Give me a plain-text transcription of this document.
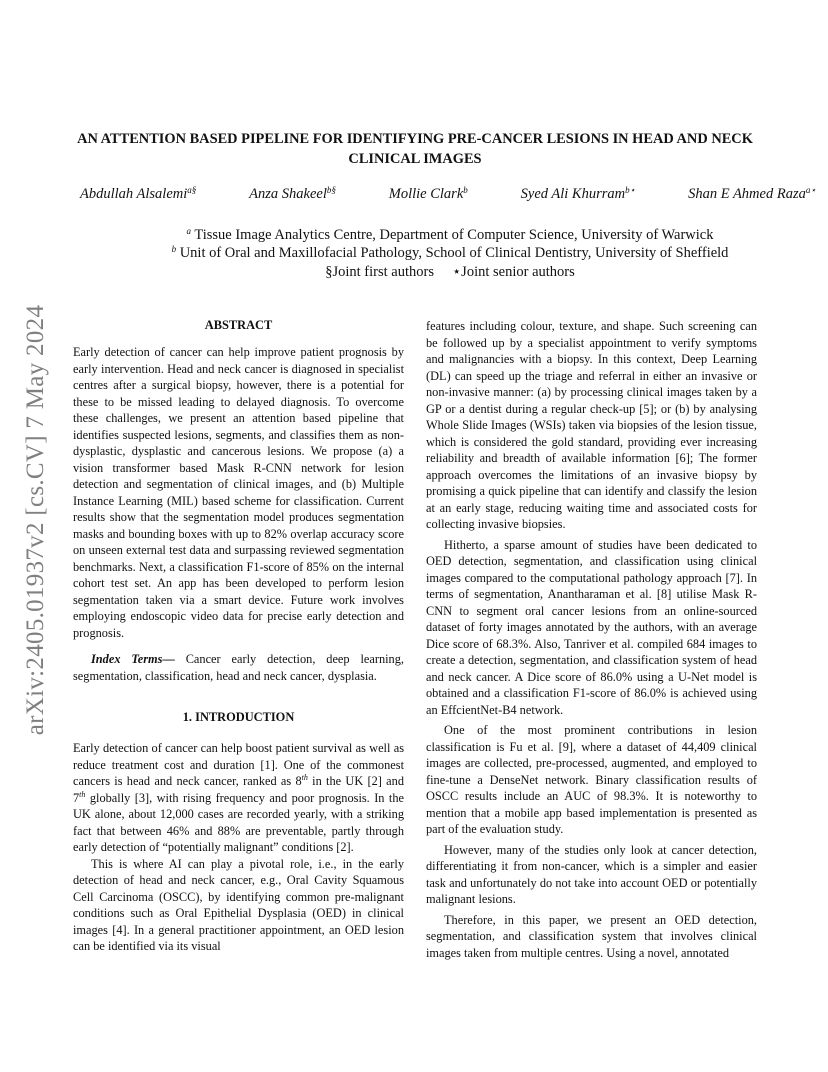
arXiv:2405.01937v2 [cs.CV] 7 May 2024
AN ATTENTION BASED PIPELINE FOR IDENTIFYING PRE-CANCER LESIONS IN HEAD AND NECK CLINICAL IMAGES
Abdullah Alsalemi$^{a\S}$	Anza Shakeel$^{b\S}$	Mollie Clark$^b$	Syed Ali Khurram$^{b⋆}$	Shan E Ahmed Raza$^{a⋆}$
$^a$ Tissue Image Analytics Centre, Department of Computer Science, University of Warwick
$^b$ Unit of Oral and Maxillofacial Pathology, School of Clinical Dentistry, University of Sheffield
§Joint first authors     ⋆Joint senior authors
ABSTRACT

Early detection of cancer can help improve patient prognosis by early intervention. Head and neck cancer is diagnosed in specialist centres after a surgical biopsy, however, there is a potential for these to be missed leading to delayed diagnosis. To overcome these challenges, we present an attention based pipeline that identifies suspected lesions, segments, and classifies them as non-dysplastic, dysplastic and cancerous lesions. We propose (a) a vision transformer based Mask R-CNN network for lesion detection and segmentation of clinical images, and (b) Multiple Instance Learning (MIL) based scheme for classification. Current results show that the segmentation model produces segmentation masks and bounding boxes with up to 82% overlap accuracy score on unseen external test data and surpassing reviewed segmentation benchmarks. Next, a classification F1-score of 85% on the internal cohort test set. An app has been developed to perform lesion segmentation taken via a smart device. Future work involves employing endoscopic video data for precise early detection and prognosis.

Index Terms— Cancer early detection, deep learning, segmentation, classification, head and neck cancer, dysplasia.

1. INTRODUCTION

Early detection of cancer can help boost patient survival as well as reduce treatment cost and duration [1]. One of the commonest cancers is head and neck cancer, ranked as 8th in the UK [2] and 7th globally [3], with rising frequency and poor prognosis. In the UK alone, about 12,000 cases are recorded yearly, with a striking fact that between 46% and 88% are preventable, partly through early detection of “potentially malignant” conditions [2].

This is where AI can play a pivotal role, i.e., in the early detection of head and neck cancer, e.g., Oral Cavity Squamous Cell Carcinoma (OSCC), by identifying common pre-malignant conditions such as Oral Epithelial Dysplasia (OED) in clinical images [4]. In a general practitioner appointment, an OED lesion can be identified via its visual

features including colour, texture, and shape. Such screening can be followed up by a specialist appointment to verify symptoms and malignancies with a biopsy. In this context, Deep Learning (DL) can speed up the triage and referral in either an invasive or non-invasive manner: (a) by processing clinical images taken by a GP or a dentist during a regular check-up [5]; or (b) by analysing Whole Slide Images (WSIs) taken via biopsies of the lesion tissue, which is considered the gold standard, providing ever increasing reliability and breadth of available information [6]; The former approach overcomes the limitations of an invasive biopsy by promising a quick pipeline that can identify and classify the lesion at an early stage, reducing waiting time and associated costs for collecting invasive biopsies.

Hitherto, a sparse amount of studies have been dedicated to OED detection, segmentation, and classification using clinical images compared to the computational pathology approach [7]. In terms of segmentation, Anantharaman et al. [8] utilise Mask R-CNN to segment oral cancer lesions from an online-sourced dataset of forty images annotated by the authors, with an average Dice score of 68.3%. Also, Tanriver et al. compiled 684 images to create a detection, segmentation, and classification system of head and neck cancer. A Dice score of 86.0% using a U-Net model is obtained and a classification F1-score of 86.0% is achieved using an EffcientNet-B4 network.

One of the most prominent contributions in lesion classification is Fu et al. [9], where a dataset of 44,409 clinical images are collected, pre-processed, augmented, and employed to fine-tune a DenseNet network. Binary classification results of OSCC results include an AUC of 98.3%. It is noteworthy to mention that a mobile app based implementation is presented as part of the evaluation study.

However, many of the studies only look at cancer detection, differentiating it from non-cancer, which is a simpler and easier task and unfortunately do not take into account OED or potentially malignant lesions.

Therefore, in this paper, we present an OED detection, segmentation, and classification system that involves clinical images taken from multiple centres. Using a novel, annotated
